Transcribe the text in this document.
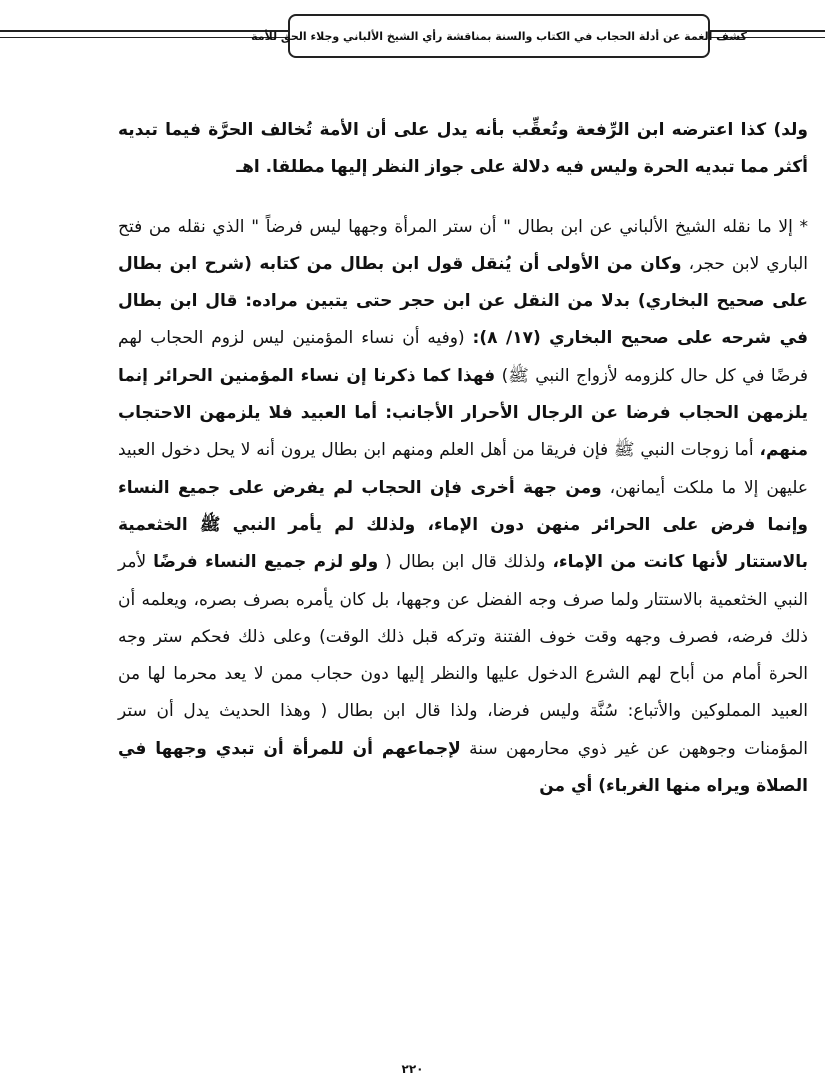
كشف الغمة عن أدلة الحجاب في الكتاب والسنة بمناقشة رأي الشيخ الألباني وجلاء الحق للأمة

ولد) كذا اعترضه ابن الرِّفعة وتُعقِّب بأنه يدل على أن الأمة تُخالف الحرَّة فيما تبديه أكثر مما تبديه الحرة وليس فيه دلالة على جواز النظر إليها مطلقا. اهـ

* إلا ما نقله الشيخ الألباني عن ابن بطال " أن ستر المرأة وجهها ليس فرضاً " الذي نقله من فتح الباري لابن حجر، وكان من الأولى أن يُنقل قول ابن بطال من كتابه (شرح ابن بطال على صحيح البخاري) بدلا من النقل عن ابن حجر حتى يتبين مراده: قال ابن بطال في شرحه على صحيح البخاري (١٧/ ٨): (وفيه أن نساء المؤمنين ليس لزوم الحجاب لهم فرضًا في كل حال كلزومه لأزواج النبي ﷺ) فهذا كما ذكرنا إن نساء المؤمنين الحرائر إنما يلزمهن الحجاب فرضا عن الرجال الأحرار الأجانب: أما العبيد فلا يلزمهن الاحتجاب منهم، أما زوجات النبي ﷺ فإن فريقا من أهل العلم ومنهم ابن بطال يرون أنه لا يحل دخول العبيد عليهن إلا ما ملكت أيمانهن، ومن جهة أخرى فإن الحجاب لم يفرض على جميع النساء وإنما فرض على الحرائر منهن دون الإماء، ولذلك لم يأمر النبي ﷺ الخثعمية بالاستتار لأنها كانت من الإماء، ولذلك قال ابن بطال ( ولو لزم جميع النساء فرضًا لأمر النبي الخثعمية بالاستتار ولما صرف وجه الفضل عن وجهها، بل كان يأمره بصرف بصره، ويعلمه أن ذلك فرضه، فصرف وجهه وقت خوف الفتنة وتركه قبل ذلك الوقت) وعلى ذلك فحكم ستر وجه الحرة أمام من أباح لهم الشرع الدخول عليها والنظر إليها دون حجاب ممن لا يعد محرما لها من العبيد المملوكين والأتباع: سُنَّة وليس فرضا، ولذا قال ابن بطال ( وهذا الحديث يدل أن ستر المؤمنات وجوههن عن غير ذوي محارمهن سنة لإجماعهم أن للمرأة أن تبدي وجهها في الصلاة ويراه منها الغرباء) أي من

٢٢٠
